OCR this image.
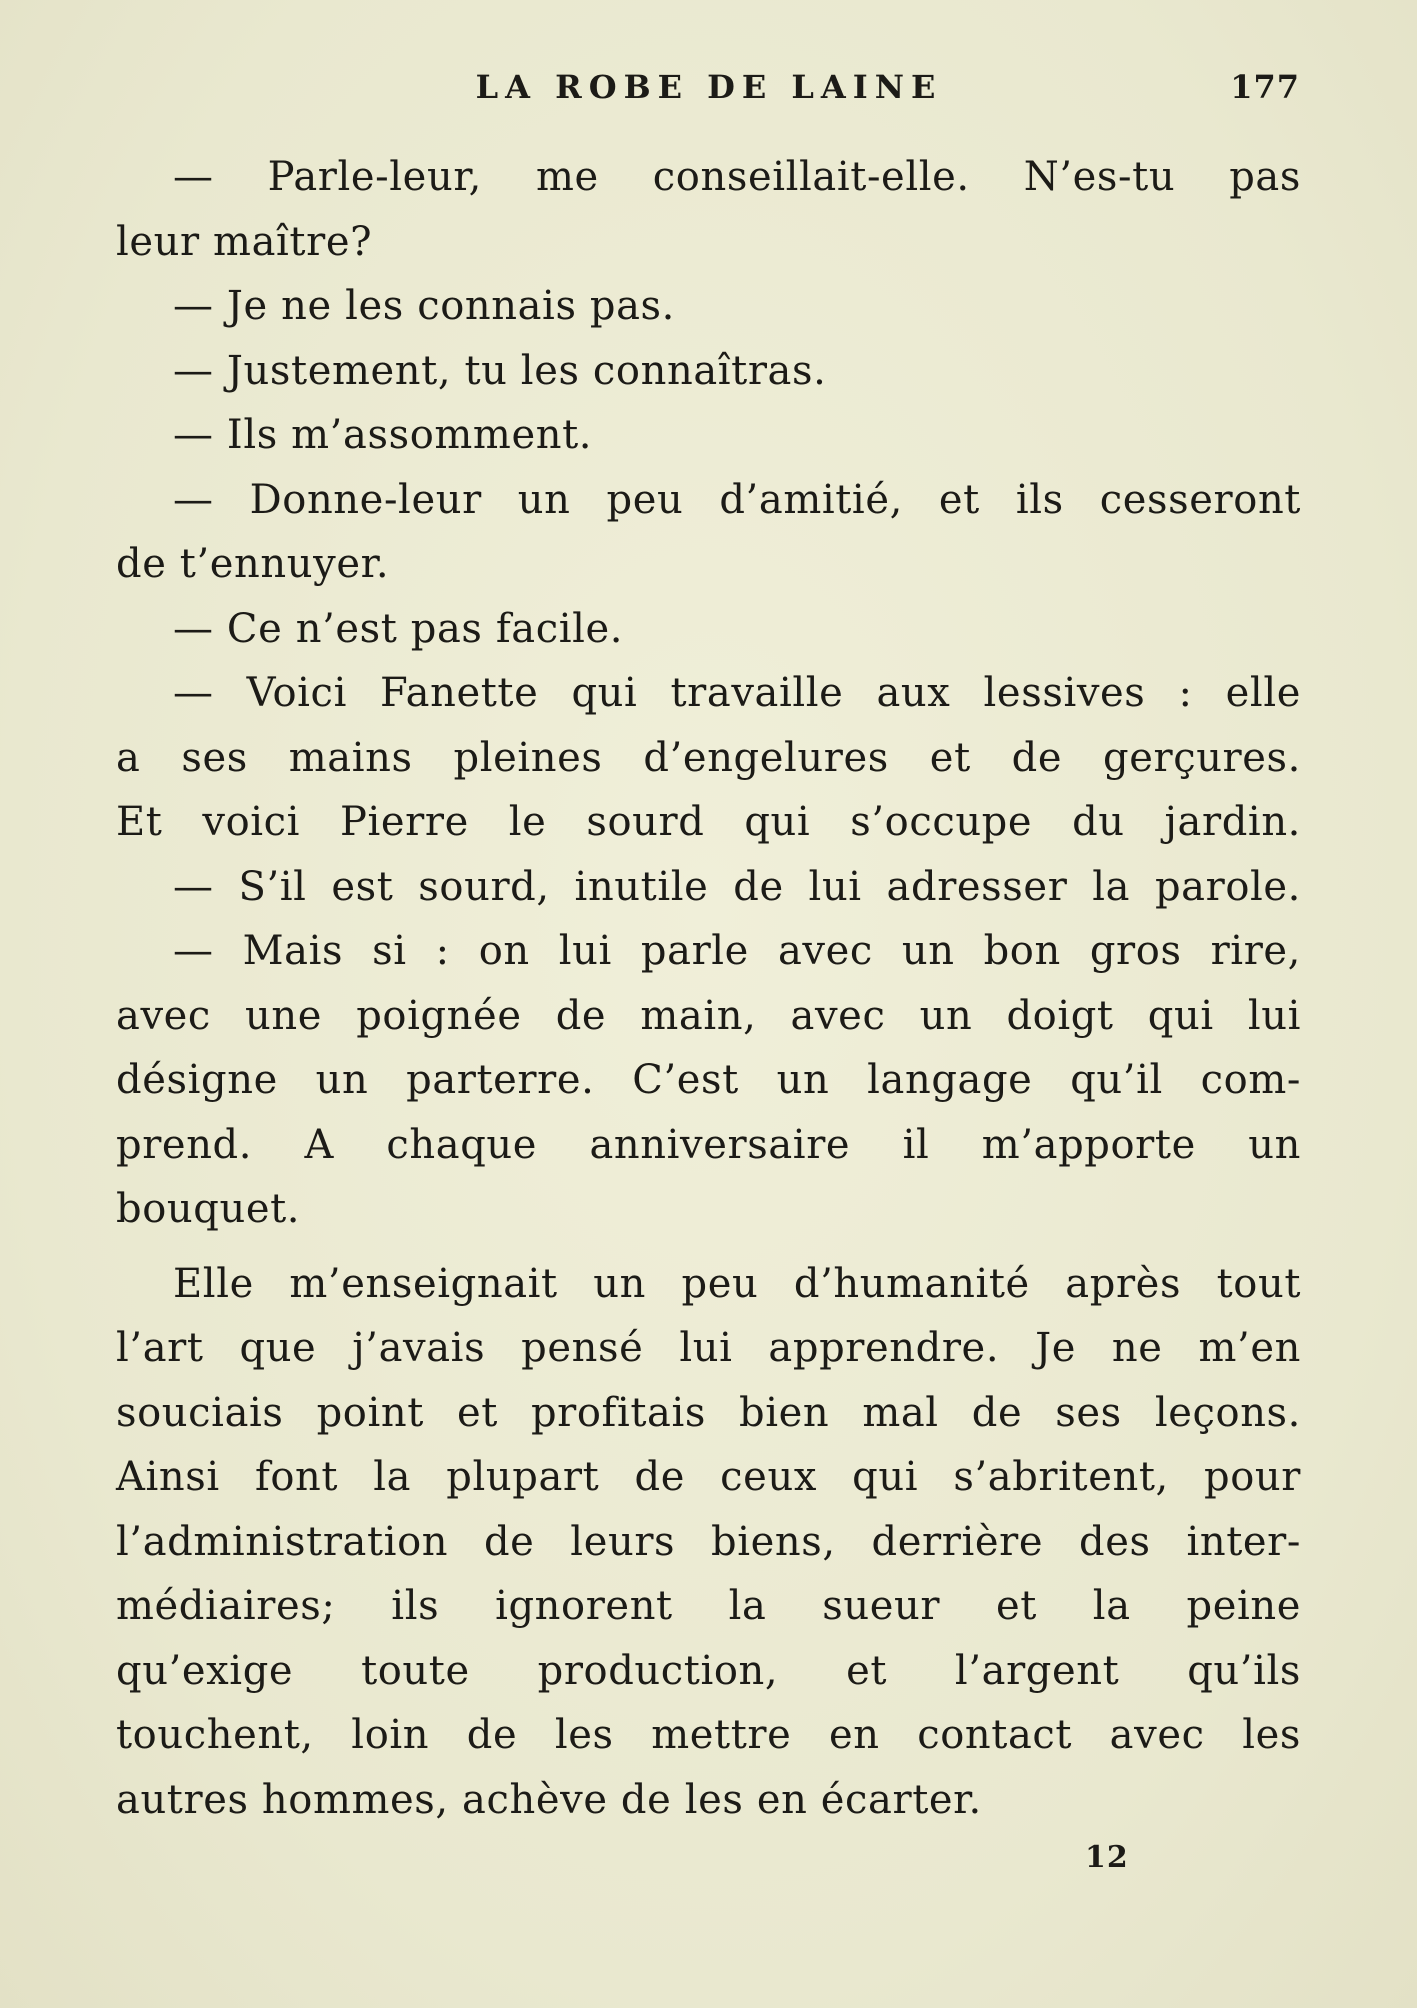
LA ROBE DE LAINE	177
— Parle-leur, me conseillait-elle. N’es-tu pas
leur maître?
— Je ne les connais pas.
— Justement, tu les connaîtras.
— Ils m’assomment.
— Donne-leur un peu d’amitié, et ils cesseront
de t’ennuyer.
— Ce n’est pas facile.
— Voici Fanette qui travaille aux lessives : elle
a ses mains pleines d’engelures et de gerçures.
Et voici Pierre le sourd qui s’occupe du jardin.
— S’il est sourd, inutile de lui adresser la parole.
— Mais si : on lui parle avec un bon gros rire,
avec une poignée de main, avec un doigt qui lui
désigne un parterre. C’est un langage qu’il com-
prend. A chaque anniversaire il m’apporte un
bouquet.
Elle m’enseignait un peu d’humanité après tout
l’art que j’avais pensé lui apprendre. Je ne m’en
souciais point et profitais bien mal de ses leçons.
Ainsi font la plupart de ceux qui s’abritent, pour
l’administration de leurs biens, derrière des inter-
médiaires; ils ignorent la sueur et la peine
qu’exige toute production, et l’argent qu’ils
touchent, loin de les mettre en contact avec les
autres hommes, achève de les en écarter.
12
